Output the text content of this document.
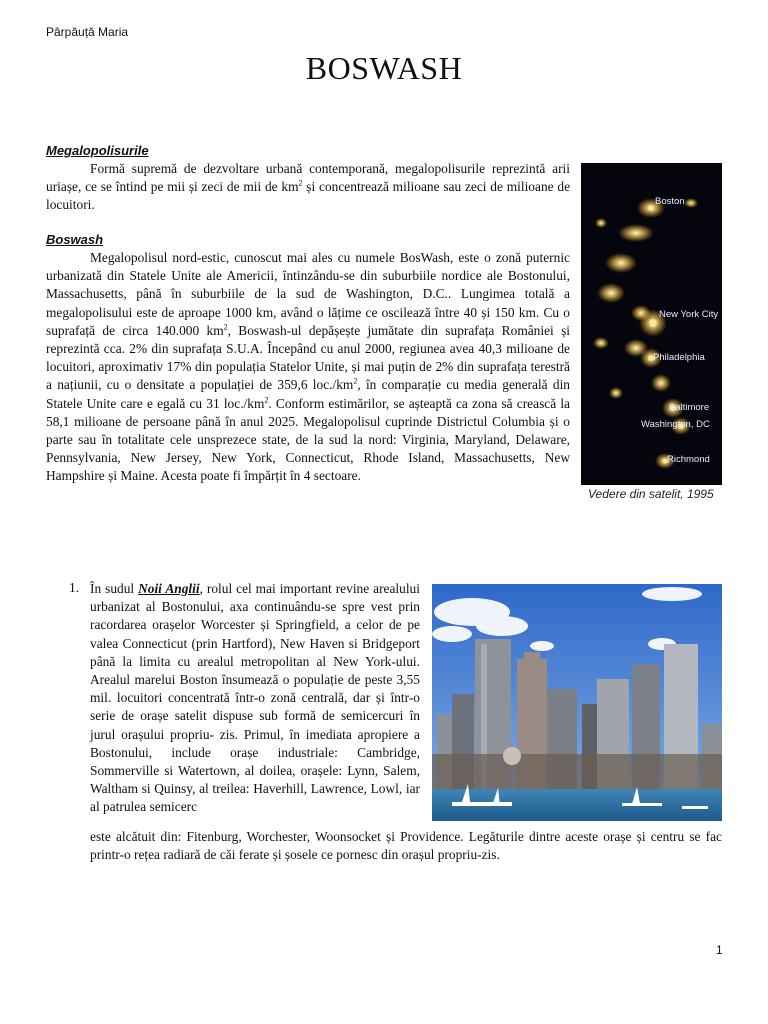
Pârpăuță Maria
BOSWASH
Megalopolisurile

Formă supremă de dezvoltare urbană contemporană, megalopolisurile reprezintă arii uriașe, ce se întind pe mii și zeci de mii de $km^2$ și concentrează milioane sau zeci de milioane de locuitori.

Boswash

Megalopolisul nord-estic, cunoscut mai ales cu numele BosWash, este o zonă puternic urbanizată din Statele Unite ale Americii, întinzându-se din suburbiile nordice ale Bostonului, Massachusetts, până în suburbiile de la sud de Washington, D.C.. Lungimea totală a megalopolisului este de aproape 1000 km, având o lățime ce oscilează între 40 și 150 km. Cu o suprafață de circa 140.000 $km^2$, Boswash-ul depășește jumătate din suprafața României și reprezintă cca. 2% din suprafața S.U.A. Începând cu anul 2000, regiunea avea 40,3 milioane de locuitori, aproximativ 17% din populația Statelor Unite, și mai puțin de 2% din suprafața terestră a națiunii, cu o densitate a populației de 359,6 $loc./km^2$, în comparație cu media generală din Statele Unite care e egală cu 31 $loc./km^2$. Conform estimărilor, se așteaptă ca zona să crească la 58,1 milioane de persoane până în anul 2025. Megalopolisul cuprinde Districtul Columbia și o parte sau în totalitate cele unsprezece state, de la sud la nord: Virginia, Maryland, Delaware, Pennsylvania, New Jersey, New York, Connecticut, Rhode Island, Massachusetts, New Hampshire și Maine. Acesta poate fi împărțit în 4 sectoare.

Boston
New York City
Philadelphia
Baltimore
Washington, DC
Richmond
Vedere din satelit, 1995
1. În sudul Noii Anglii, rolul cel mai important revine arealului urbanizat al Bostonului, axa continuându-se spre vest prin racordarea orașelor Worcester și Springfield, a celor de pe valea Connecticut (prin Hartford), New Haven si Bridgeport până la limita cu arealul metropolitan al New York-ului. Arealul marelui Boston însumează o populație de peste 3,55 mil. locuitori concentrată într-o zonă centrală, dar și într-o serie de orașe satelit dispuse sub formă de semicercuri în jurul orașului propriu- zis. Primul, în imediata apropiere a Bostonului, include orașe industriale: Cambridge, Sommerville si Watertown, al doilea, orașele: Lynn, Salem, Waltham si Quinsy, al treilea: Haverhill, Lawrence, Lowl, iar al patrulea semicerc
este alcătuit din: Fitenburg, Worchester, Woonsocket și Providence. Legăturile dintre aceste orașe și centru se fac printr-o rețea radiară de căi ferate și șosele ce pornesc din orașul propriu-zis.
1
